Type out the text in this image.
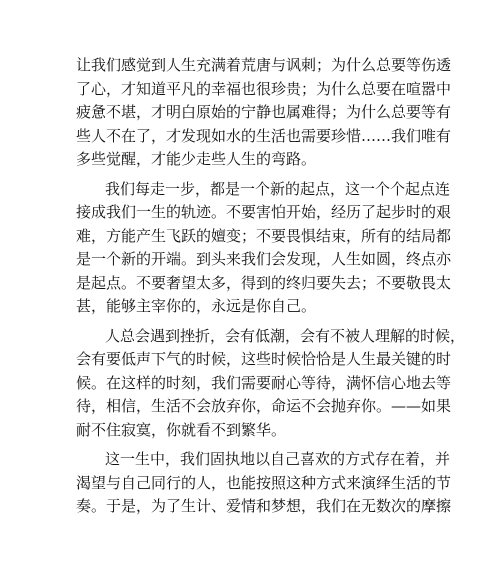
让我们感觉到人生充满着荒唐与讽刺；为什么总要等伤透
了心，才知道平凡的幸福也很珍贵；为什么总要在喧嚣中
疲惫不堪，才明白原始的宁静也属难得；为什么总要等有
些人不在了，才发现如水的生活也需要珍惜……我们唯有
多些觉醒，才能少走些人生的弯路。
我们每走一步，都是一个新的起点，这一个个起点连
接成我们一生的轨迹。不要害怕开始，经历了起步时的艰
难，方能产生飞跃的嬗变；不要畏惧结束，所有的结局都
是一个新的开端。到头来我们会发现，人生如圆，终点亦
是起点。不要奢望太多，得到的终归要失去；不要敬畏太
甚，能够主宰你的，永远是你自己。
人总会遇到挫折，会有低潮，会有不被人理解的时候，
会有要低声下气的时候，这些时候恰恰是人生最关键的时
候。在这样的时刻，我们需要耐心等待，满怀信心地去等
待，相信，生活不会放弃你，命运不会抛弃你。——如果
耐不住寂寞，你就看不到繁华。
这一生中，我们固执地以自己喜欢的方式存在着，并
渴望与自己同行的人，也能按照这种方式来演绎生活的节
奏。于是，为了生计、爱情和梦想，我们在无数次的摩擦
